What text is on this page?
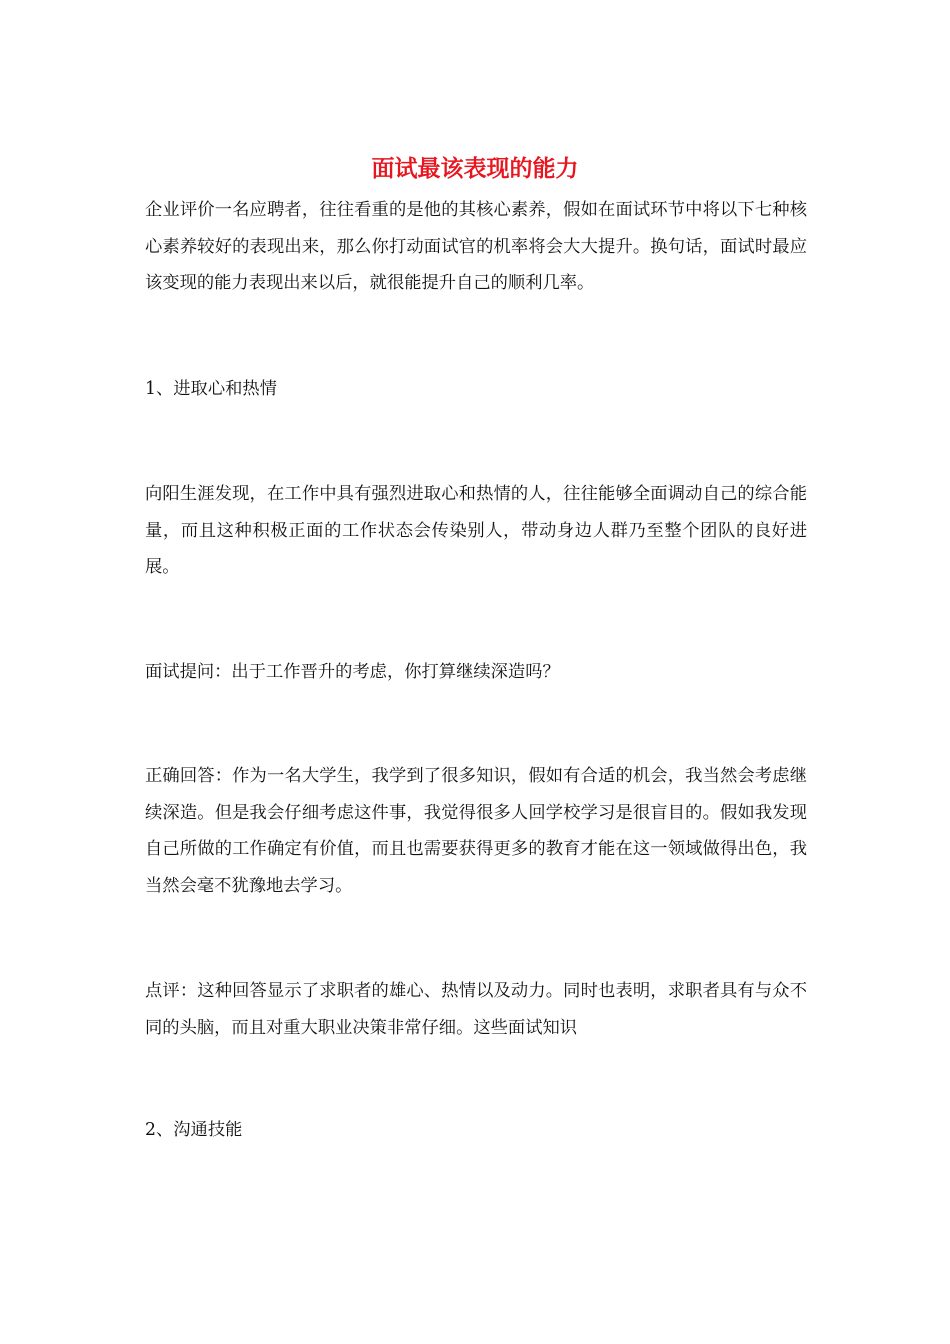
面试最该表现的能力

企业评价一名应聘者，往往看重的是他的其核心素养，假如在面试环节中将以下七种核心素养较好的表现出来，那么你打动面试官的机率将会大大提升。换句话，面试时最应该变现的能力表现出来以后，就很能提升自己的顺利几率。

1、进取心和热情

向阳生涯发现，在工作中具有强烈进取心和热情的人，往往能够全面调动自己的综合能量，而且这种积极正面的工作状态会传染别人，带动身边人群乃至整个团队的良好进展。

面试提问：出于工作晋升的考虑，你打算继续深造吗？

正确回答：作为一名大学生，我学到了很多知识，假如有合适的机会，我当然会考虑继续深造。但是我会仔细考虑这件事，我觉得很多人回学校学习是很盲目的。假如我发现自己所做的工作确定有价值，而且也需要获得更多的教育才能在这一领域做得出色，我当然会毫不犹豫地去学习。

点评：这种回答显示了求职者的雄心、热情以及动力。同时也表明，求职者具有与众不同的头脑，而且对重大职业决策非常仔细。这些面试知识

2、沟通技能
